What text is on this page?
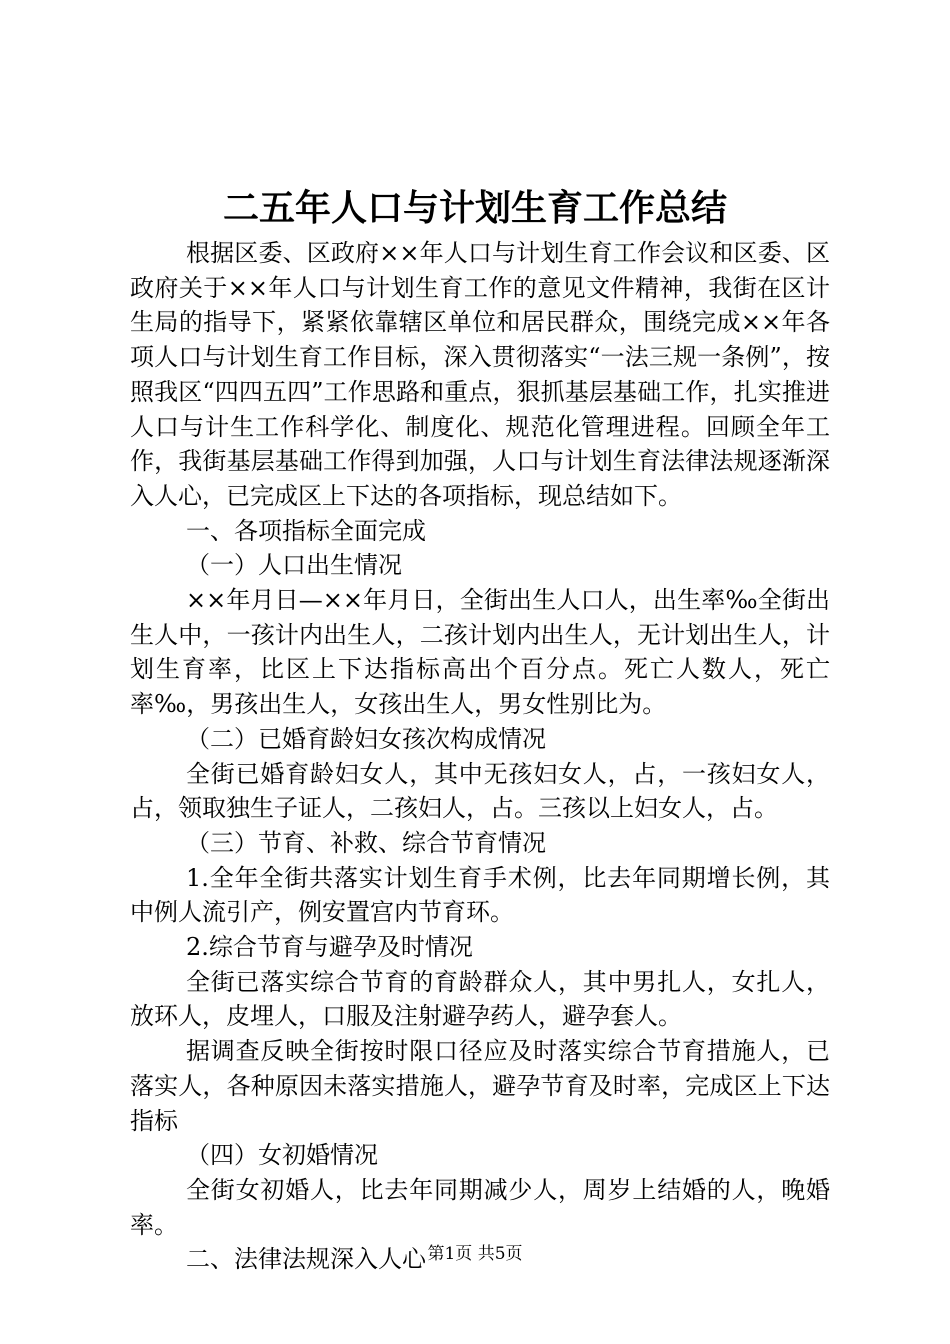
二五年人口与计划生育工作总结

根据区委、区政府××年人口与计划生育工作会议和区委、区政府关于××年人口与计划生育工作的意见文件精神，我街在区计生局的指导下，紧紧依靠辖区单位和居民群众，围绕完成××年各项人口与计划生育工作目标，深入贯彻落实“一法三规一条例”，按照我区“四四五四”工作思路和重点，狠抓基层基础工作，扎实推进人口与计生工作科学化、制度化、规范化管理进程。回顾全年工作，我街基层基础工作得到加强，人口与计划生育法律法规逐渐深入人心，已完成区上下达的各项指标，现总结如下。

一、各项指标全面完成

（一）人口出生情况

××年月日—××年月日，全街出生人口人，出生率‰全街出生人中，一孩计内出生人，二孩计划内出生人，无计划出生人，计划生育率，比区上下达指标高出个百分点。死亡人数人，死亡率‰，男孩出生人，女孩出生人，男女性别比为。

（二）已婚育龄妇女孩次构成情况

全街已婚育龄妇女人，其中无孩妇女人，占，一孩妇女人，占，领取独生子证人，二孩妇人，占。三孩以上妇女人，占。

（三）节育、补救、综合节育情况

1.全年全街共落实计划生育手术例，比去年同期增长例，其中例人流引产，例安置宫内节育环。

2.综合节育与避孕及时情况

全街已落实综合节育的育龄群众人，其中男扎人，女扎人，放环人，皮埋人，口服及注射避孕药人，避孕套人。

据调查反映全街按时限口径应及时落实综合节育措施人，已落实人，各种原因未落实措施人，避孕节育及时率，完成区上下达指标

（四）女初婚情况

全街女初婚人，比去年同期减少人，周岁上结婚的人，晚婚率。

二、法律法规深入人心 第1页 共5页
